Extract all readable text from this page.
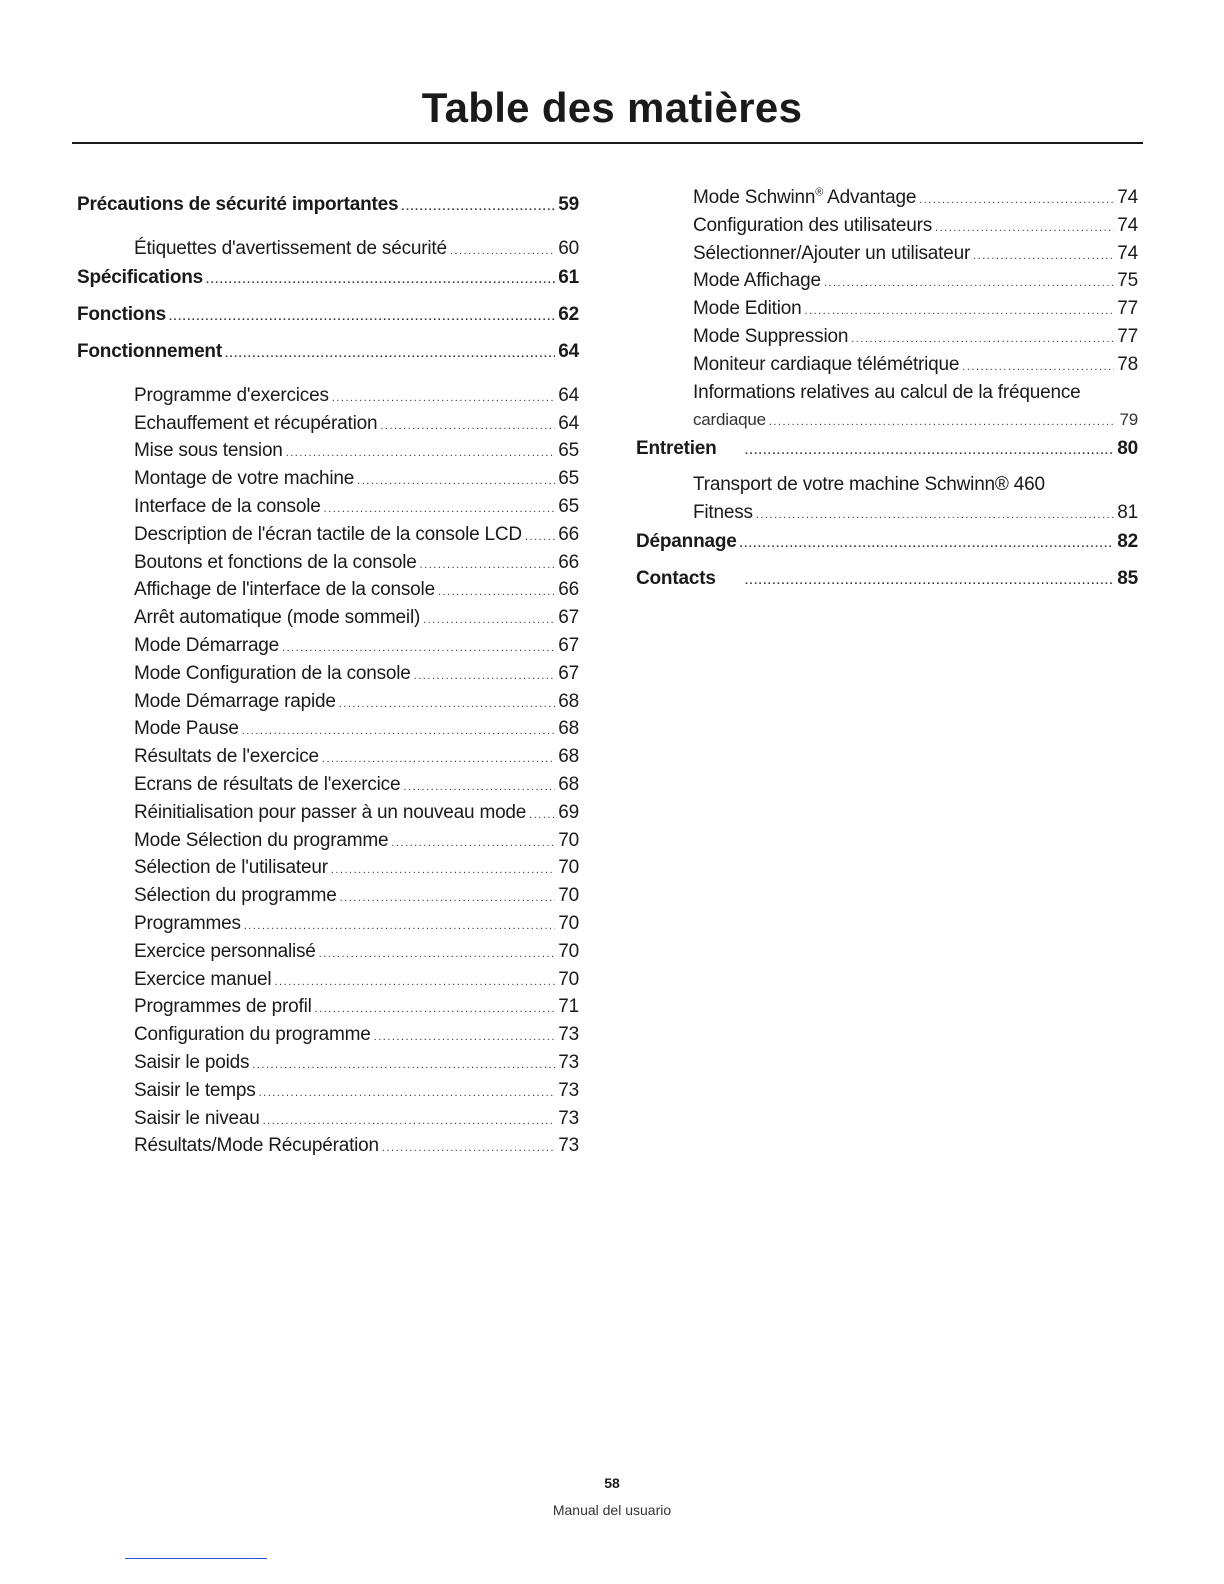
Table des matières
Précautions de sécurité importantes .....	59
Étiquettes d'avertissement de sécurité .....	60
Spécifications .....	61
Fonctions .....	62
Fonctionnement .....	64
Programme d'exercices .....	64
Echauffement et récupération .....	64
Mise sous tension .....	65
Montage de votre machine .....	65
Interface de la console .....	65
Description de l'écran tactile de la console LCD ..... 66
Boutons et fonctions de la console .....	66
Affichage de l'interface de la console .....	66
Arrêt automatique (mode sommeil) .....	67
Mode Démarrage .....	67
Mode Configuration de la console .....	67
Mode Démarrage rapide .....	68
Mode Pause .....	68
Résultats de l'exercice .....	68
Ecrans de résultats de l'exercice .....	68
Réinitialisation pour passer à un nouveau mode ..... 69
Mode Sélection du programme .....	70
Sélection de l'utilisateur .....	70
Sélection du programme .....	70
Programmes .....	70
Exercice personnalisé .....	70
Exercice manuel .....	70
Programmes de profil .....	71
Configuration du programme .....	73
Saisir le poids .....	73
Saisir le temps .....	73
Saisir le niveau .....	73
Résultats/Mode Récupération .....	73
Mode Schwinn® Advantage .....	74
Configuration des utilisateurs .....	74
Sélectionner/Ajouter un utilisateur .....	74
Mode Affichage .....	75
Mode Edition .....	77
Mode Suppression .....	77
Moniteur cardiaque télémétrique .....	78
Informations relatives au calcul de la fréquence
cardiaque .....	79
Entretien .....	80
Transport de votre machine Schwinn® 460
Fitness .....	81
Dépannage .....	82
Contacts .....	85
58
Manual del usuario
